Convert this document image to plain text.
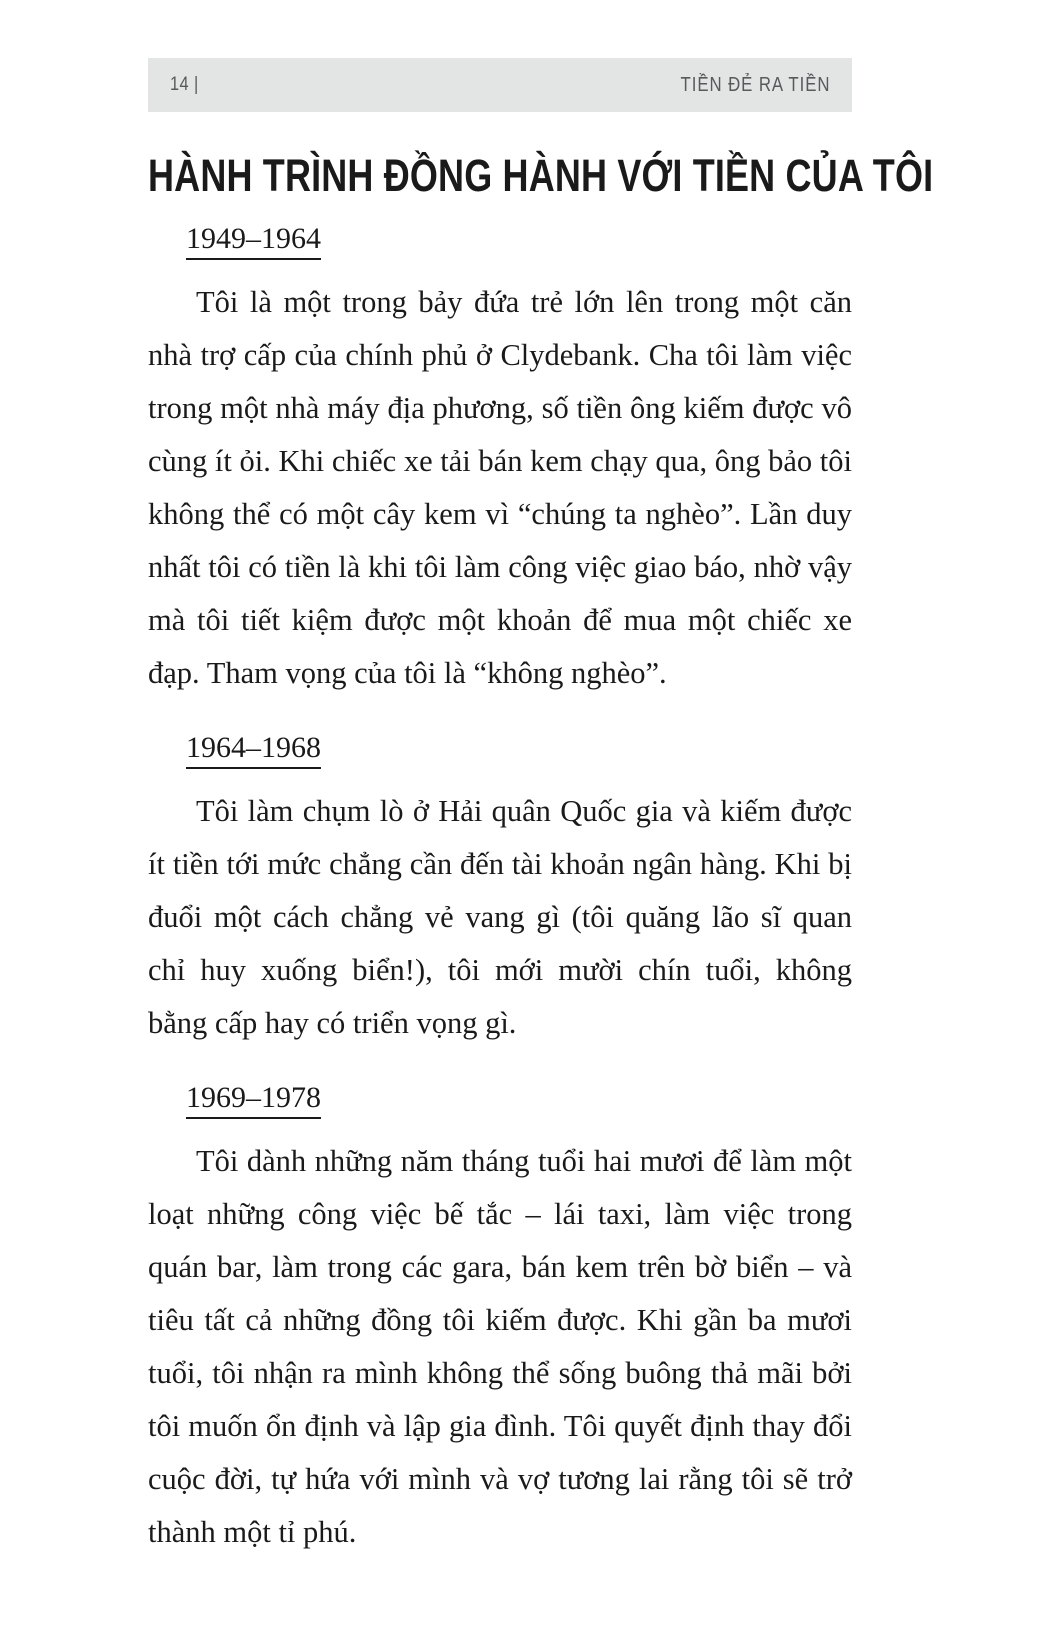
14 |	TIỀN ĐẺ RA TIỀN
HÀNH TRÌNH ĐỒNG HÀNH VỚI TIỀN CỦA TÔI
1949–1964

Tôi là một trong bảy đứa trẻ lớn lên trong một căn nhà trợ cấp của chính phủ ở Clydebank. Cha tôi làm việc trong một nhà máy địa phương, số tiền ông kiếm được vô cùng ít ỏi. Khi chiếc xe tải bán kem chạy qua, ông bảo tôi không thể có một cây kem vì “chúng ta nghèo”. Lần duy nhất tôi có tiền là khi tôi làm công việc giao báo, nhờ vậy mà tôi tiết kiệm được một khoản để mua một chiếc xe đạp. Tham vọng của tôi là “không nghèo”.

1964–1968

Tôi làm chụm lò ở Hải quân Quốc gia và kiếm được ít tiền tới mức chẳng cần đến tài khoản ngân hàng. Khi bị đuổi một cách chẳng vẻ vang gì (tôi quăng lão sĩ quan chỉ huy xuống biển!), tôi mới mười chín tuổi, không bằng cấp hay có triển vọng gì.

1969–1978

Tôi dành những năm tháng tuổi hai mươi để làm một loạt những công việc bế tắc – lái taxi, làm việc trong quán bar, làm trong các gara, bán kem trên bờ biển – và tiêu tất cả những đồng tôi kiếm được. Khi gần ba mươi tuổi, tôi nhận ra mình không thể sống buông thả mãi bởi tôi muốn ổn định và lập gia đình. Tôi quyết định thay đổi cuộc đời, tự hứa với mình và vợ tương lai rằng tôi sẽ trở thành một tỉ phú.
